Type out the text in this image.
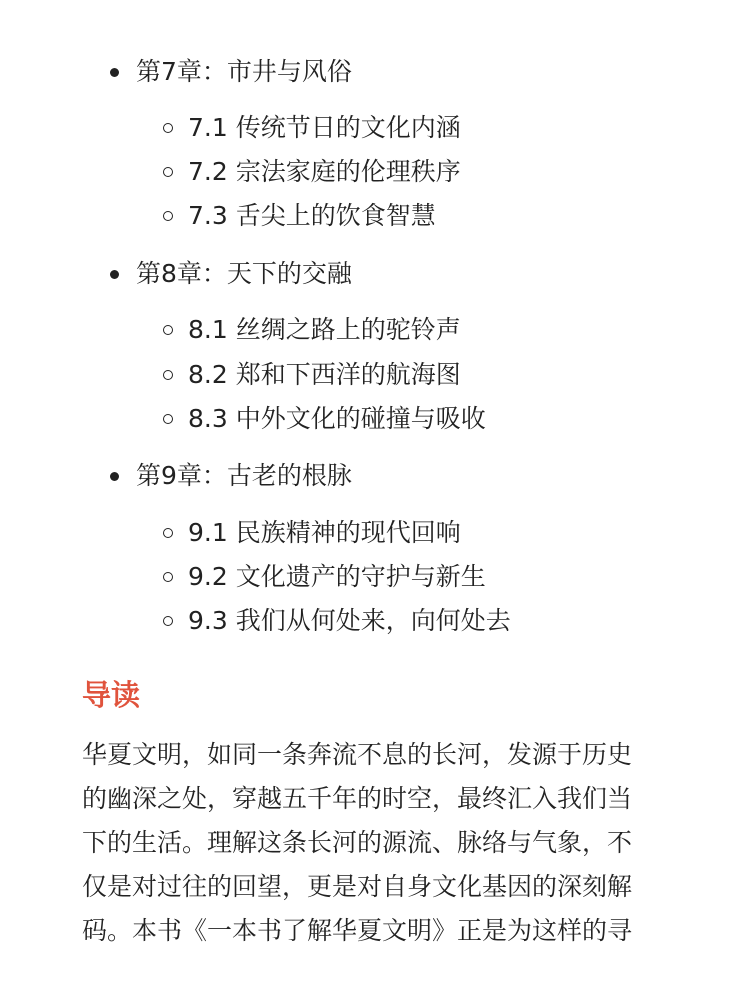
第7章：市井与风俗
7.1 传统节日的文化内涵
7.2 宗法家庭的伦理秩序
7.3 舌尖上的饮食智慧
第8章：天下的交融
8.1 丝绸之路上的驼铃声
8.2 郑和下西洋的航海图
8.3 中外文化的碰撞与吸收
第9章：古老的根脉
9.1 民族精神的现代回响
9.2 文化遗产的守护与新生
9.3 我们从何处来，向何处去
导读
华夏文明，如同一条奔流不息的长河，发源于历史
的幽深之处，穿越五千年的时空，最终汇入我们当
下的生活。理解这条长河的源流、脉络与气象，不
仅是对过往的回望，更是对自身文化基因的深刻解
码。本书《一本书了解华夏文明》正是为这样的寻
